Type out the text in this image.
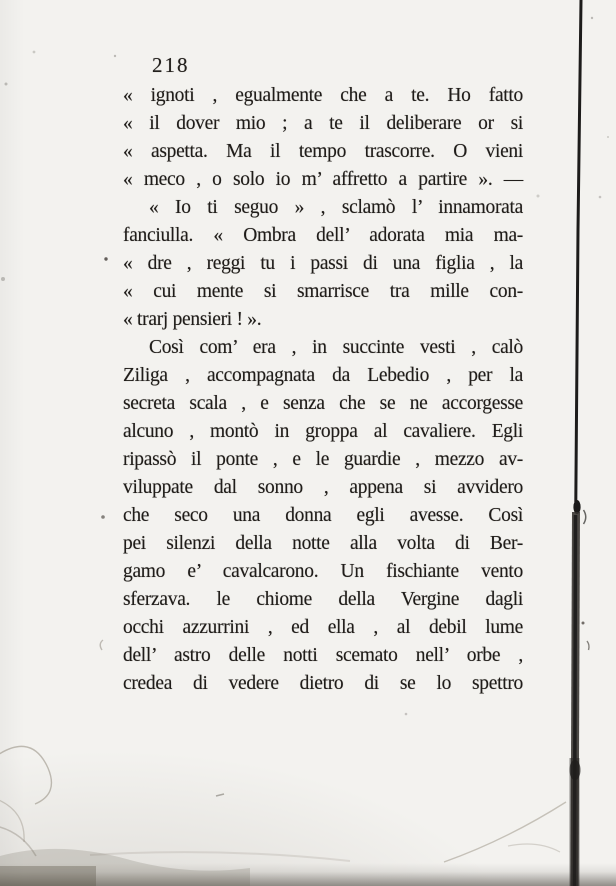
218
« ignoti , egualmente che a te. Ho fatto
« il dover mio ; a te il deliberare or si
« aspetta. Ma il tempo trascorre. O vieni
« meco , o solo io m’ affretto a partire ». —
« Io ti seguo » , sclamò l’ innamorata
fanciulla. « Ombra dell’ adorata mia ma-
« dre , reggi tu i passi di una figlia , la
« cui mente si smarrisce tra mille con-
« trarj pensieri ! ».
Così com’ era , in succinte vesti , calò
Ziliga , accompagnata da Lebedio , per la
secreta scala , e senza che se ne accorgesse
alcuno , montò in groppa al cavaliere. Egli
ripassò il ponte , e le guardie , mezzo av-
viluppate dal sonno , appena si avvidero
che seco una donna egli avesse. Così
pei silenzi della notte alla volta di Ber-
gamo e’ cavalcarono. Un fischiante vento
sferzava. le chiome della Vergine dagli
occhi azzurrini , ed ella , al debil lume
dell’ astro delle notti scemato nell’ orbe ,
credea di vedere dietro di se lo spettro
